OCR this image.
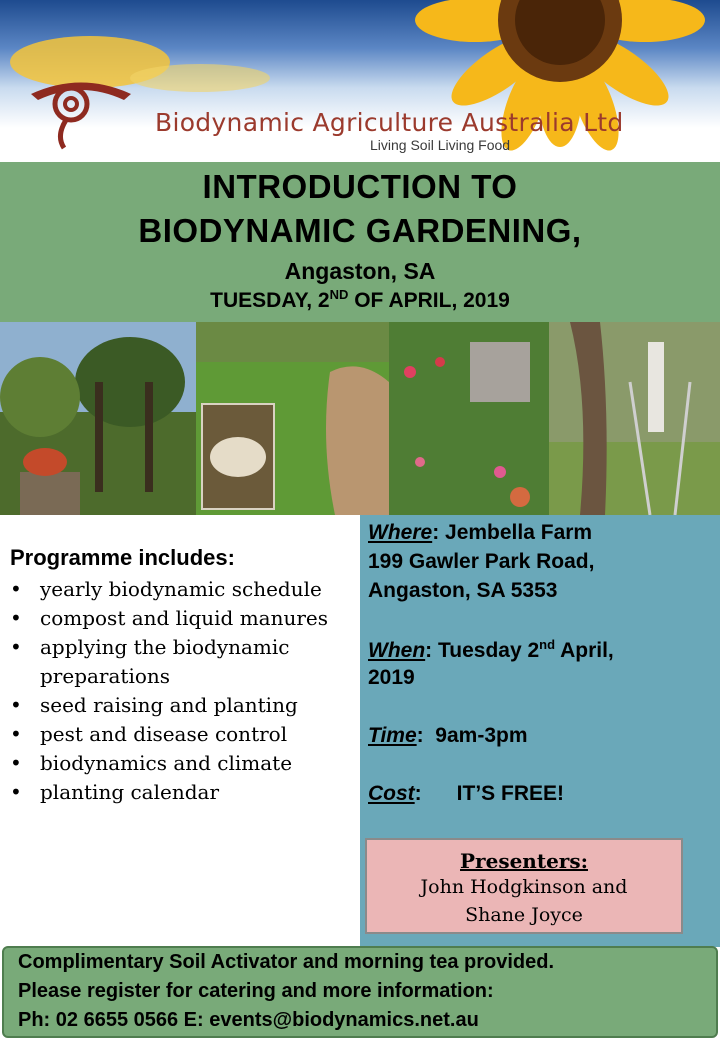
Biodynamic Agriculture Australia Ltd
Living Soil Living Food
INTRODUCTION TO
BIODYNAMIC GARDENING,
Angaston, SA
TUESDAY, 2ND OF APRIL, 2019
Programme includes:
• yearly biodynamic schedule
• compost and liquid manures
• applying the biodynamic preparations
• seed raising and planting
• pest and disease control
• biodynamics and climate
• planting calendar
Where: Jembella Farm
199 Gawler Park Road,
Angaston, SA 5353
When: Tuesday 2nd April,
2019
Time:  9am-3pm
Cost:      IT’S FREE!
Presenters:
John Hodgkinson and
Shane Joyce
Complimentary Soil Activator and morning tea provided.
Please register for catering and more information:
Ph: 02 6655 0566 E: events@biodynamics.net.au
